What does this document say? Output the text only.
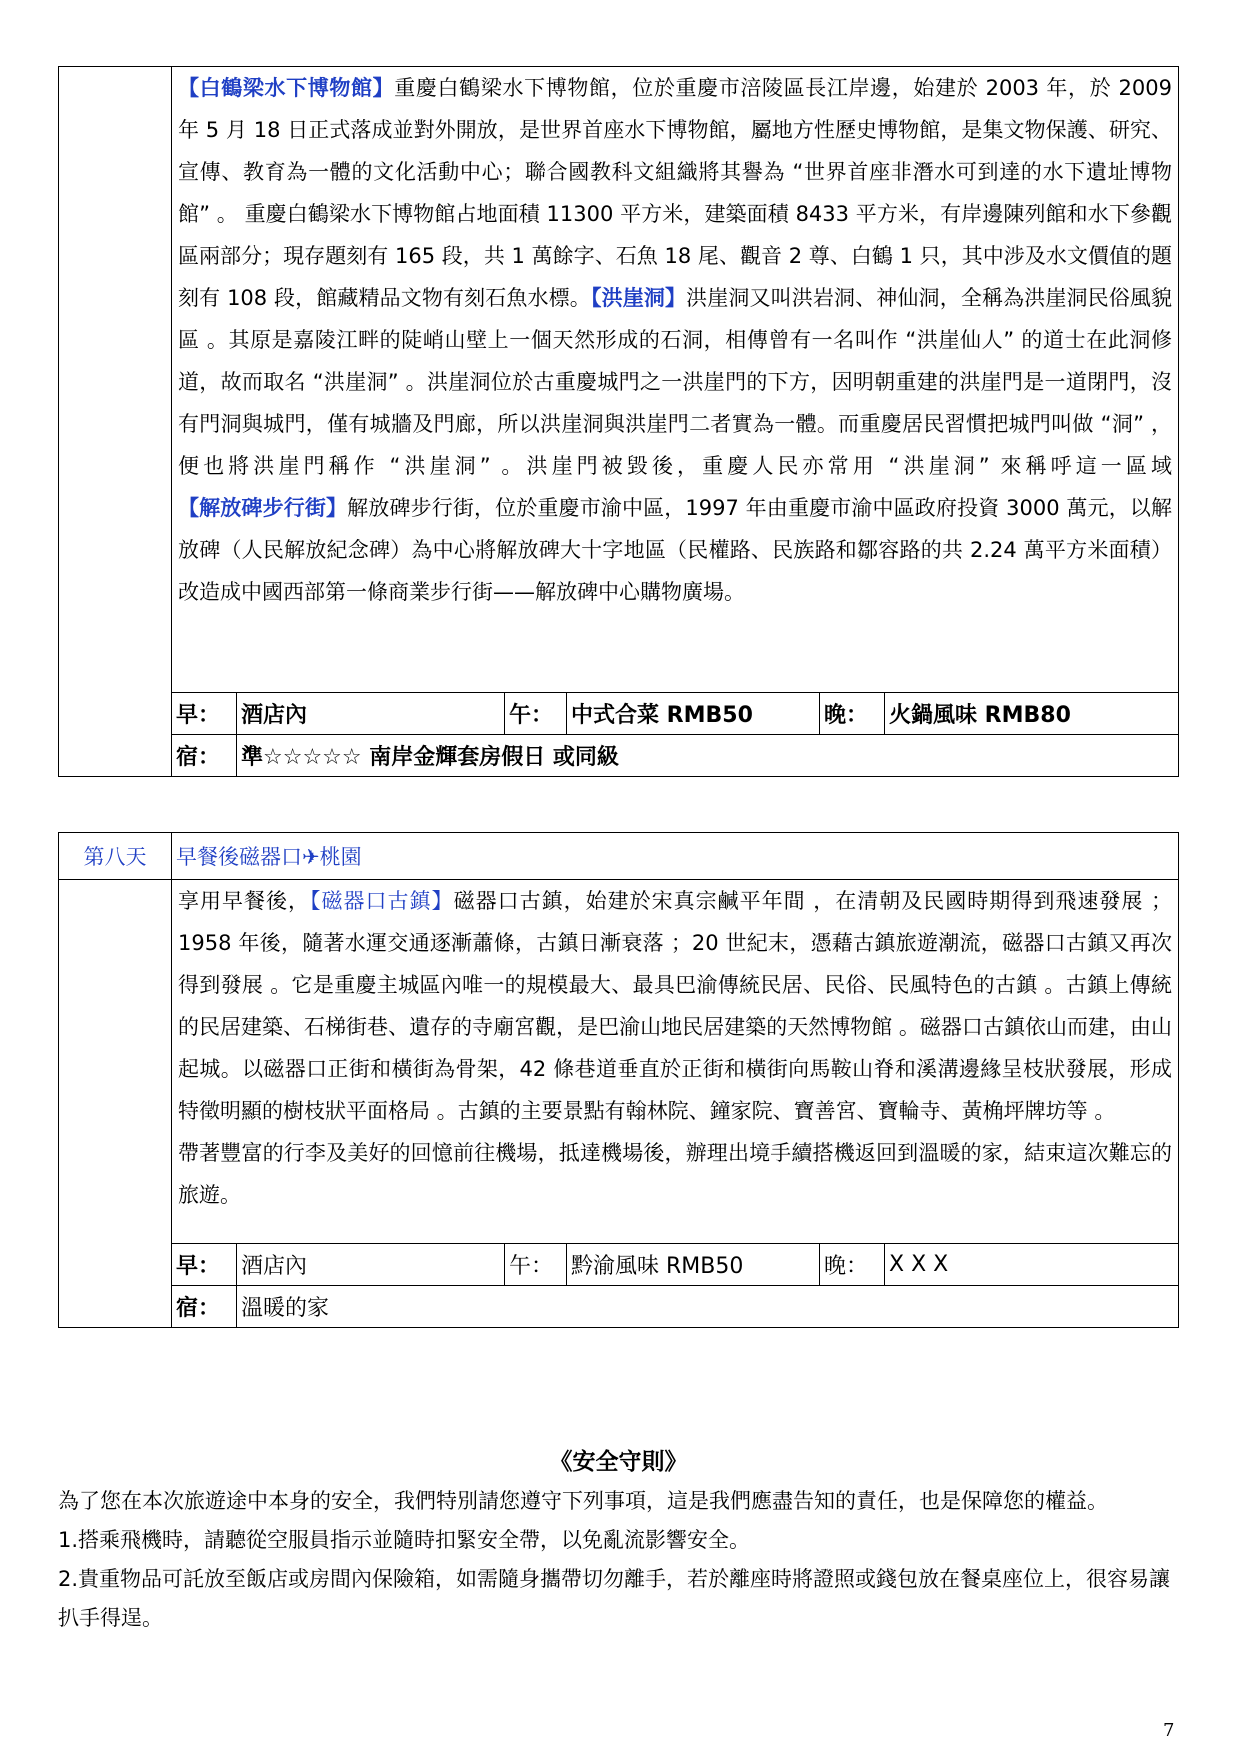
	【白鶴梁水下博物館】重慶白鶴梁水下博物館，位於重慶市涪陵區長江岸邊，始建於 2003 年，於 2009 年 5 月 18 日正式落成並對外開放，是世界首座水下博物館，屬地方性歷史博物館，是集文物保護、研究、宣傳、教育為一體的文化活動中心；聯合國教科文組織將其譽為 “世界首座非潛水可到達的水下遺址博物館” 。 重慶白鶴梁水下博物館占地面積 11300 平方米，建築面積 8433 平方米，有岸邊陳列館和水下參觀區兩部分；現存題刻有 165 段，共 1 萬餘字、石魚 18 尾、觀音 2 尊、白鶴 1 只，其中涉及水文價值的題刻有 108 段，館藏精品文物有刻石魚水標。【洪崖洞】洪崖洞又叫洪岩洞、神仙洞，全稱為洪崖洞民俗風貌區 。其原是嘉陵江畔的陡峭山壁上一個天然形成的石洞，相傳曾有一名叫作 “洪崖仙人” 的道士在此洞修道，故而取名 “洪崖洞” 。洪崖洞位於古重慶城門之一洪崖門的下方，因明朝重建的洪崖門是一道閉門，沒有門洞與城門，僅有城牆及門廊，所以洪崖洞與洪崖門二者實為一體。而重慶居民習慣把城門叫做 “洞” ，便也將洪崖門稱作 “洪崖洞” 。洪崖門被毀後，重慶人民亦常用 “洪崖洞” 來稱呼這一區域【解放碑步行街】解放碑步行街，位於重慶市渝中區，1997 年由重慶市渝中區政府投資 3000 萬元，以解放碑（人民解放紀念碑）為中心將解放碑大十字地區（民權路、民族路和鄒容路的共 2.24 萬平方米面積）改造成中國西部第一條商業步行街——解放碑中心購物廣場。					

	早：	酒店內	午：	中式合菜 RMB50	晚：	火鍋風味 RMB80
	宿：	準☆☆☆☆☆ 南岸金輝套房假日 或同級				
第八天	早餐後磁器口✈桃園					

	享用早餐後，【磁器口古鎮】磁器口古鎮，始建於宋真宗鹹平年間 ，在清朝及民國時期得到飛速發展 ；1958 年後，隨著水運交通逐漸蕭條，古鎮日漸衰落 ；20 世紀末，憑藉古鎮旅遊潮流，磁器口古鎮又再次得到發展 。它是重慶主城區內唯一的規模最大、最具巴渝傳統民居、民俗、民風特色的古鎮 。古鎮上傳統的民居建築、石梯街巷、遺存的寺廟宮觀，是巴渝山地民居建築的天然博物館 。磁器口古鎮依山而建，由山起城。以磁器口正街和橫街為骨架，42 條巷道垂直於正街和橫街向馬鞍山脊和溪溝邊緣呈枝狀發展，形成特徵明顯的樹枝狀平面格局 。古鎮的主要景點有翰林院、鐘家院、寶善宮、寶輪寺、黃桷坪牌坊等 。
帶著豐富的行李及美好的回憶前往機場，抵達機場後，辦理出境手續搭機返回到溫暖的家，結束這次難忘的旅遊。					

	早：	酒店內	午：	黔渝風味 RMB50	晚：	X X X
	宿：	溫暖的家				
《安全守則》
為了您在本次旅遊途中本身的安全，我們特別請您遵守下列事項，這是我們應盡告知的責任，也是保障您的權益。
1.搭乘飛機時，請聽從空服員指示並隨時扣緊安全帶，以免亂流影響安全。
2.貴重物品可託放至飯店或房間內保險箱，如需隨身攜帶切勿離手，若於離座時將證照或錢包放在餐桌座位上，很容易讓扒手得逞。
7
